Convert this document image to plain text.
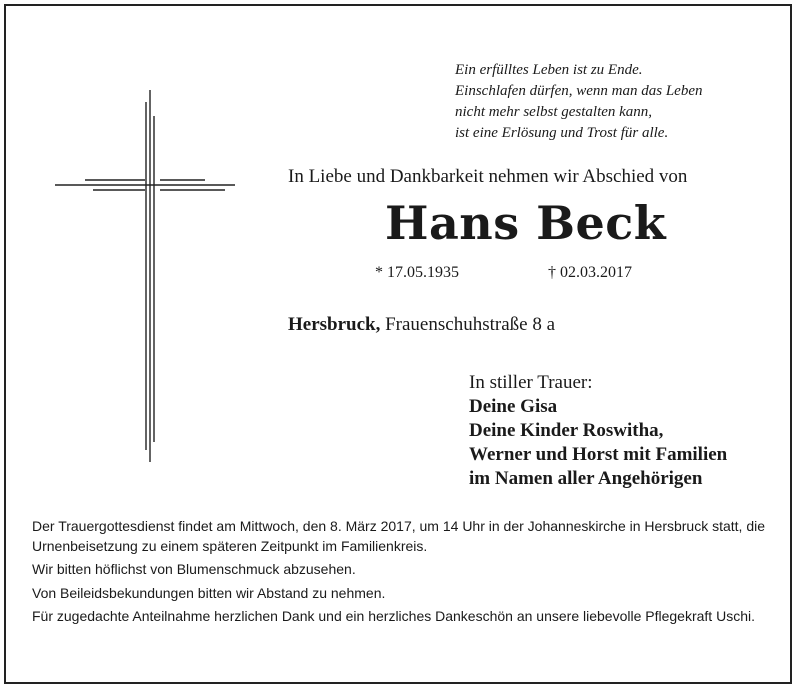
Ein erfülltes Leben ist zu Ende.
Einschlafen dürfen, wenn man das Leben
nicht mehr selbst gestalten kann,
ist eine Erlösung und Trost für alle.
In Liebe und Dankbarkeit nehmen wir Abschied von
Hans Beck
* 17.05.1935	† 02.03.2017
Hersbruck, Frauenschuhstraße 8 a
In stiller Trauer:
Deine Gisa
Deine Kinder Roswitha,
Werner und Horst mit Familien
im Namen aller Angehörigen

Der Trauergottesdienst findet am Mittwoch, den 8. März 2017, um 14 Uhr in der Johanneskirche in Hersbruck statt, die Urnenbeisetzung zu einem späteren Zeitpunkt im Familienkreis.

Wir bitten höflichst von Blumenschmuck abzusehen.

Von Beileidsbekundungen bitten wir Abstand zu nehmen.

Für zugedachte Anteilnahme herzlichen Dank und ein herzliches Dankeschön an unsere liebevolle Pflegekraft Uschi.
